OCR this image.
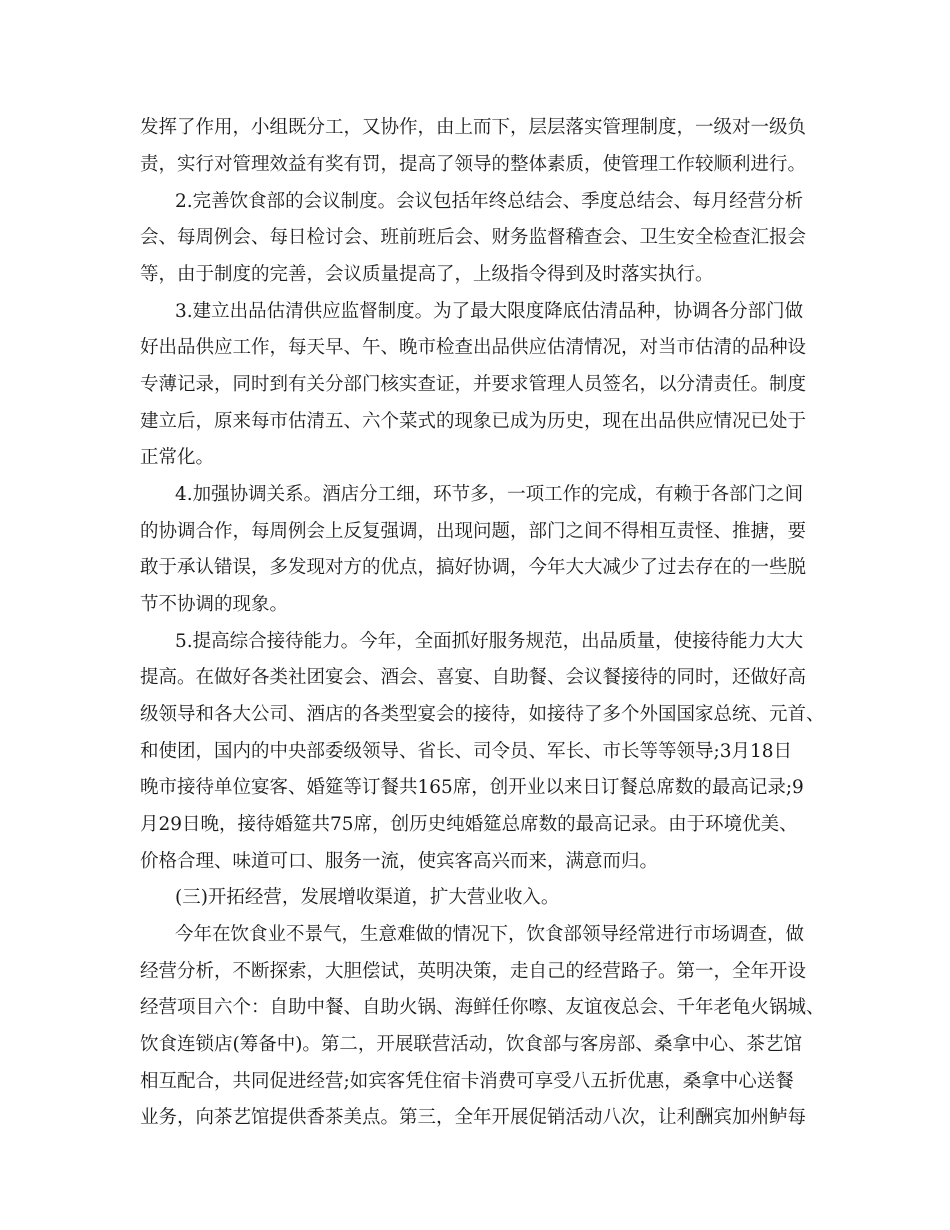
发挥了作用，小组既分工，又协作，由上而下，层层落实管理制度，一级对一级负
责，实行对管理效益有奖有罚，提高了领导的整体素质，使管理工作较顺利进行。
2.完善饮食部的会议制度。会议包括年终总结会、季度总结会、每月经营分析
会、每周例会、每日检讨会、班前班后会、财务监督稽查会、卫生安全检查汇报会
等，由于制度的完善，会议质量提高了，上级指令得到及时落实执行。
3.建立出品估清供应监督制度。为了最大限度降底估清品种，协调各分部门做
好出品供应工作，每天早、午、晚市检查出品供应估清情况，对当市估清的品种设
专薄记录，同时到有关分部门核实查证，并要求管理人员签名，以分清责任。制度
建立后，原来每市估清五、六个菜式的现象已成为历史，现在出品供应情况已处于
正常化。
4.加强协调关系。酒店分工细，环节多，一项工作的完成，有赖于各部门之间
的协调合作，每周例会上反复强调，出现问题，部门之间不得相互责怪、推搪，要
敢于承认错误，多发现对方的优点，搞好协调，今年大大减少了过去存在的一些脱
节不协调的现象。
5.提高综合接待能力。今年，全面抓好服务规范，出品质量，使接待能力大大
提高。在做好各类社团宴会、酒会、喜宴、自助餐、会议餐接待的同时，还做好高
级领导和各大公司、酒店的各类型宴会的接待，如接待了多个外国国家总统、元首、
和使团，国内的中央部委级领导、省长、司令员、军长、市长等等领导;3月18日
晚市接待单位宴客、婚筵等订餐共165席，创开业以来日订餐总席数的最高记录;9
月29日晚，接待婚筵共75席，创历史纯婚筵总席数的最高记录。由于环境优美、
价格合理、味道可口、服务一流，使宾客高兴而来，满意而归。
(三)开拓经营，发展增收渠道，扩大营业收入。
今年在饮食业不景气，生意难做的情况下，饮食部领导经常进行市场调查，做
经营分析，不断探索，大胆偿试，英明决策，走自己的经营路子。第一，全年开设
经营项目六个：自助中餐、自助火锅、海鲜任你嚓、友谊夜总会、千年老龟火锅城、
饮食连锁店(筹备中)。第二，开展联营活动，饮食部与客房部、桑拿中心、茶艺馆
相互配合，共同促进经营;如宾客凭住宿卡消费可享受八五折优惠，桑拿中心送餐
业务，向茶艺馆提供香茶美点。第三，全年开展促销活动八次，让利酬宾加州鲈每
